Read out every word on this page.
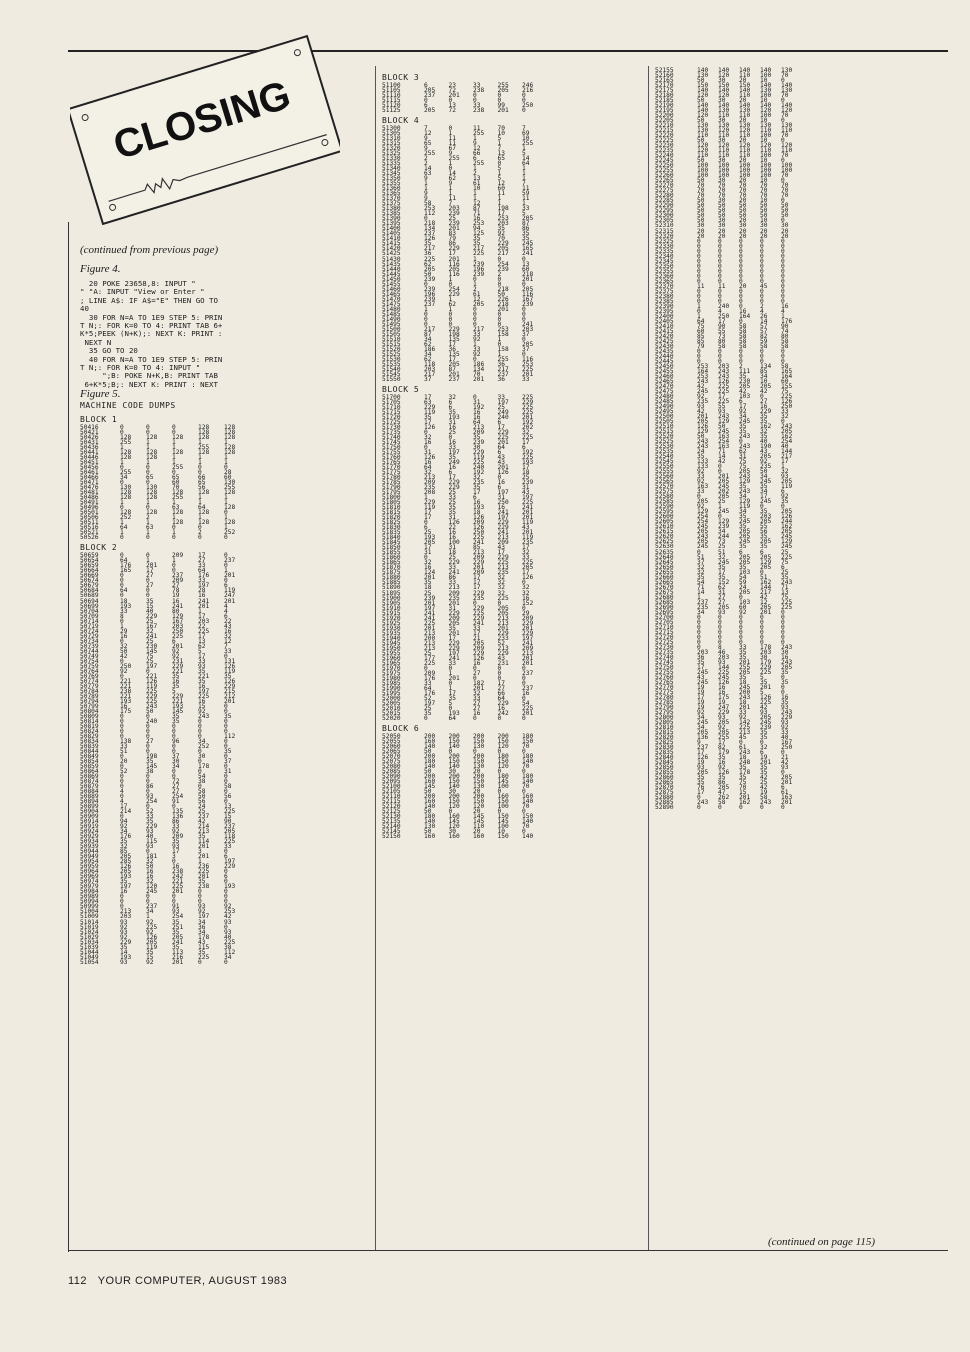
CLOSING
(continued from previous page)
Figure 4.
20 POKE 23658,8: INPUT "
" "A: INPUT "View or Enter "
; LINE A$: IF A$="E" THEN GO TO
40
30 FOR N=A TO 1E9 STEP 5: PRIN
T N;: FOR K=0 TO 4: PRINT TAB 6+
K*5;PEEK (N+K);: NEXT K: PRINT :
NEXT N
35 GO TO 20
40 FOR N=A TO 1E9 STEP 5: PRIN
T N;: FOR K=0 TO 4: INPUT "
";B: POKE N+K,B: PRINT TAB
6+K*5;B;: NEXT K: PRINT : NEXT
Figure 5.
MACHINE CODE DUMPS
BLOCK 1
50416	0	0	0	128	128
50421	0	0	0	128	128
50426	128	128	128	128	128
50431	255	1	1	1	1
50436	1	1	1	255	128
50441	128	128	128	128	128
50446	128	128	1	1	1
50451	1	1	1	1	1
50456	0	0	255	0	0
50461	255	0	0	0	28
50466	34	65	65	66	60
50471	0	0	60	65	130
50476	130	130	70	56	255
50481	128	128	128	128	128
50486	128	128	255	1	1
50491	1	1	1	1	1
50496	0	0	63	64	128
50501	128	128	128	128	0
50506	252	2	1	1	1
50511	1	1	128	128	128
50516	64	63	0	0	1
50521	1	1	1	2	252
50526	0	0	0	0	0
BLOCK 2
50659	0	0	209	17	0
50654	64	1	1	27	237
50659	176	201	0	33	0
50664	165	17	0	64	1
50669	0	27	237	176	201
50674	0	0	209	33	0
50679	0	27	27	197	6
50684	64	0	78	28	119
50689	0	0	19	16	247
50694	18	35	16	241	201
50699	193	15	241	201	4
50704	33	40	80	1	4
50709	8	229	129	17	6
50714	0	25	167	203	22
50719	1	167	203	22	43
50724	29	32	250	225	16
50729	16	241	225	17	32
50734	0	25	6	13	12
50739	32	230	201	62	7
50744	50	145	92	5	33
50749	42	75	92	17	0
50754	0	25	231	33	131
50759	250	197	229	93	126
50764	92	0	221	35	119
50769	0	221	35	221	35
50774	221	126	16	35	126
50779	221	119	35	16	229
50784	238	225	5	197	215
50789	221	229	229	225	212
50794	193	225	221	16	201
50799	16	243	193	15	0
50804	175	50	145	92	0
50809	0	0	35	243	35
50814	0	240	35	0	0
50819	0	0	0	0	0
50824	0	0	0	0	0
50829	0	0	0	0	112
50834	138	27	96	34	0
50839	33	0	0	252	0
50844	51	0	0	0	35
50849	0	198	37	30	0
50854	20	35	30	0	37
50859	0	145	34	178	0
50864	52	38	0	0	31
50869	0	0	0	54	0
50874	0	0	72	38	0
50879	0	86	27	0	58
50884	4	0	27	58	0
50889	0	93	254	50	56
50894	4	254	91	56	0
50899	17	0	0	24	13
50904	214	52	135	25	225
50909	0	33	136	237	15
50914	94	35	86	42	90
50919	92	229	33	214	237
50924	34	93	92	213	205
50929	176	40	209	35	118
50934	35	115	35	114	225
50939	32	93	93	201	33
50944	85	0	17	3	0
50949	205	181	3	201	6
50954	285	32	0	1	197
50959	126	50	16	236	229
50964	205	16	238	225	0
50969	193	16	242	201	6
50974	35	32	221	35	0
50979	197	120	225	238	193
50984	16	245	201	0	0
50989	0	0	0	0	0
50994	0	0	0	0	0
50999	0	237	91	93	92
51004	213	34	93	92	253
51009	203	1	254	197	42
51014	93	92	35	34	93
51019	92	225	251	36	0
51024	93	92	35	34	93
51029	92	126	205	178	40
51034	229	205	241	43	225
51039	35	119	35	115	38
51044	14	35	113	35	112
51049	193	15	216	225	34
51054	93	92	201	0	0
BLOCK 3
51100	6	23	33	255	246
51105	205	72	238	205	216
51110	237	201	0	0	0
51115	0	0	0	0	0
51120	6	13	33	99	250
51125	205	72	238	201	0
BLOCK 4
51300	7	0	11	70	7
51305	12	1	255	10	69
51310	9	11	1	5	10
51315	65	11	9	1	255
51320	9	67	12	7	1
51325	255	9	66	13	5
51330	2	255	6	65	14
51335	2	1	255	0	64
51340	14	0	1	5	1
51345	63	14	2	1	1
51350	9	62	13	5	1
51355	1	9	61	12	7
51360	1	1	10	60	11
51365	9	1	1	11	59
51370	9	11	1	1	11
51375	58	7	12	1	1
51380	253	203	87	198	33
51385	112	239	71	17	5
51390	0	25	16	253	205
51395	218	239	253	203	87
51400	134	201	94	35	86
51405	237	83	125	92	35
51410	126	79	35	70	35
51415	35	86	35	229	245
51420	217	229	217	205	165
51425	36	17	225	217	241
51430	225	201	1	0	0
51435	62	116	239	254	13
51440	205	205	196	239	60
51445	50	116	239	2	218
51450	239	1	0	0	201
51455	0	0	1	0	0
51460	239	254	2	218	205
51465	196	229	61	50	116
51470	239	1	12	226	167
51475	237	62	205	218	239
51480	1	1	0	201	0
51485	0	0	0	0	0
51490	0	0	0	0	0
51495	0	0	0	0	241
51500	217	229	217	253	203
51505	87	198	33	158	37
51510	34	135	92	1	0
51515	62	17	1	0	205
51520	186	36	33	158	37
51525	34	135	92	1	0
51530	62	17	0	255	116
51535	118	205	186	36	253
51540	203	87	134	217	225
51545	217	201	70	237	201
51550	37	237	201	36	33
BLOCK 5
51700	17	32	0	33	225
51705	63	6	31	197	229
51710	229	6	192	25	225
51715	119	35	16	249	225
51720	35	193	16	240	201
51725	17	31	64	6	192
51730	126	16	213	17	202
51735	0	25	209	229	32
51740	32	0	35	225	225
51745	16	16	239	201	17
51750	0	33	30	64	6
51755	31	197	229	6	192
51760	126	35	119	43	225
51765	16	249	225	43	193
51770	64	16	240	201	17
51775	32	6	192	126	18
51780	213	17	32	0	25
51785	209	229	235	16	239
51790	235	229	35	6	31
51795	208	25	17	197	43
51800	1	33	6	31	197
51805	229	25	16	250	225
51810	119	35	193	16	241
51815	17	35	18	241	201
51820	17	31	126	197	201
51825	0	126	209	229	119
51830	6	22	126	229	43
51835	25	16	250	241	201
51840	193	16	225	213	119
51845	205	100	241	209	235
51850	17	31	85	43	17
51855	31	18	213	17	32
51860	0	25	209	229	33
51865	32	229	229	225	225
51870	16	33	201	213	205
51875	124	241	209	235	17
51880	201	86	17	32	126
51885	35	33	17	32	0
51890	18	213	17	32	32
51895	25	209	229	32	32
51900	239	235	235	225	16
51905	201	201	0	0	152
51910	197	31	229	205	0
51915	241	229	225	205	29
51920	241	209	229	213	209
51925	225	205	241	213	229
51930	201	35	33	201	201
51935	213	201	17	229	229
51940	200	17	21	233	197
51945	213	229	205	52	241
51950	213	229	209	213	209
51955	25	197	229	229	213
51960	177	241	126	43	201
51965	225	33	16	231	201
51970	0	0	0	0	0
51975	209	1	27	0	237
51980	176	201	0	0	0
51985	33	0	182	17	0
51990	64	1	201	27	237
51995	176	17	32	66	16
52000	52	35	33	64	0
52005	197	5	27	229	54
52010	25	0	27	16	225
52015	35	193	16	242	201
52020	0	64	0	0	0
BLOCK 6
52050	200	200	200	200	180
52055	160	150	150	150	150
52060	140	140	130	120	70
52065	50	0	0	0	0
52070	200	200	200	180	180
52075	180	150	150	150	140
52080	140	140	130	120	70
52085	50	30	20	0	0
52090	200	200	200	180	180
52095	160	150	150	145	140
52100	145	140	130	100	70
52105	50	30	20	0	0
52110	200	200	200	160	160
52115	160	150	150	150	140
52120	140	120	120	100	70
52125	50	0	20	0	0
52130	180	160	145	150	150
52135	140	145	145	145	140
52140	130	120	110	100	70
52145	50	30	20	10	0
52150	160	160	160	150	140
52155	140	140	140	140	130
52160	130	120	110	100	70
52165	50	30	20	10	0
52170	150	150	150	140	140
52175	140	140	140	130	130
52180	120	120	110	100	70
52185	50	30	20	10	0
52190	140	140	140	140	140
52195	140	130	130	120	120
52200	120	110	110	100	70
52205	50	30	20	10	0
52210	130	130	130	130	130
52215	130	120	120	110	110
52220	110	110	110	100	70
52225	50	30	20	10	0
52230	120	120	120	120	120
52235	120	110	110	110	110
52240	110	110	110	100	70
52245	50	30	20	10	0
52250	100	100	100	100	100
52255	100	100	100	100	100
52260	100	100	100	100	70
52265	50	30	20	10	0
52270	70	70	70	70	70
52275	70	70	70	70	70
52280	70	70	70	70	70
52285	50	30	20	10	0
52290	50	50	50	50	50
52295	50	50	50	50	50
52300	50	50	50	50	50
52305	50	30	20	10	0
52310	30	30	30	30	30
52315	20	20	20	20	20
52320	20	20	20	20	20
52325	0	0	0	0	0
52330	0	0	0	0	0
52335	0	0	0	0	0
52340	0	0	0	0	0
52345	0	0	0	0	0
52350	0	0	0	0	0
52355	0	0	0	0	0
52360	0	0	0	0	0
52365	0	0	0	0	0
52370	11	11	20	45	0
52375	0	0	0	0	0
52380	0	0	0	0	0
52385	0	0	0	0	0
52390	1	240	0	2	16
52395	0	4	16	4	4
52400	1	250	164	26	1
52405	64	17	0	14	176
52410	75	90	58	57	90
52415	60	55	58	57	74
52420	85	73	58	82	80
52425	85	80	58	59	58
52430	79	58	58	58	58
52435	0	0	0	0	0
52440	0	0	0	0	0
52445	0	0	0	0	0
52450	253	203	2	134	58
52455	164	243	111	85	165
52460	253	243	35	34	164
52465	243	126	230	10	60
52470	42	225	205	205	155
52475	245	225	42	42	75
52480	92	17	103	0	225
52485	235	225	6	27	126
52490	93	55	17	16	250
52495	42	93	92	229	33
52500	201	243	34	35	32
52505	205	129	245	35	0
52510	126	50	35	162	243
52515	129	245	35	32	205
52520	50	163	243	35	162
52525	243	254	0	40	254
52530	243	163	243	190	40
52535	24	71	62	43	144
52540	35	14	31	205	217
52545	133	42	75	92	17
52550	133	0	75	235	1
52555	92	0	205	50	32
52560	33	201	243	34	93
52565	92	205	129	245	205
52570	163	245	35	35	119
52575	33	202	243	34	6
52580	0	205	34	17	92
52585	205	25	129	245	35
52590	92	1	119	0	0
52595	129	245	34	35	205
52600	254	0	35	203	126
52605	254	129	245	205	244
52610	245	239	35	55	162
52615	205	34	205	56	205
52620	243	244	205	35	245
52625	205	73	245	205	129
52630	245	25	35	35	245
52635	0	51	6	6	25
52640	51	32	205	205	225
52645	37	245	205	129	75
52650	32	35	35	205	6
52655	32	17	103	0	25
52660	35	35	54	51	35
52665	54	152	59	162	243
52670	71	62	24	144	71
52675	14	31	205	217	13
52680	1	27	0	42	75
52685	237	27	103	12	225
52690	235	205	60	205	225
52695	34	93	92	201	0
52700	0	0	0	0	0
52705	0	0	0	0	0
52710	0	0	0	0	0
52715	0	0	0	0	0
52720	0	0	0	0	0
52725	0	0	0	0	0
52730	0	8	33	178	243
52735	203	46	35	203	30
52740	36	203	35	30	16
52745	35	93	201	179	243
52750	17	144	255	229	205
52755	245	225	205	225	35
52760	43	245	35	5	0
52765	245	126	18	35	35
52770	19	16	245	201	0
52775	19	16	200	5	0
52780	17	175	243	126	16
52785	19	19	18	225	35
52790	19	247	201	42	93
52795	92	229	33	93	243
52800	34	93	92	205	229
52805	245	205	142	245	93
52810	34	92	225	239	92
52815	205	205	213	35	33
52820	136	255	45	35	40
52825	9	17	0	0	167
52830	237	82	61	32	250
52835	17	179	243	6	0
52840	126	35	18	19	21
52845	19	16	248	201	42
52850	93	92	35	35	93
52855	205	126	178	35	0
52860	35	35	35	42	205
52865	35	86	75	25	201
52870	76	205	70	42	6
52875	17	47	15	19	61
52880	0	262	201	58	163
52885	243	58	162	243	201
52890	0	0	0	0	0
(continued on page 115)
112 YOUR COMPUTER, AUGUST 1983
